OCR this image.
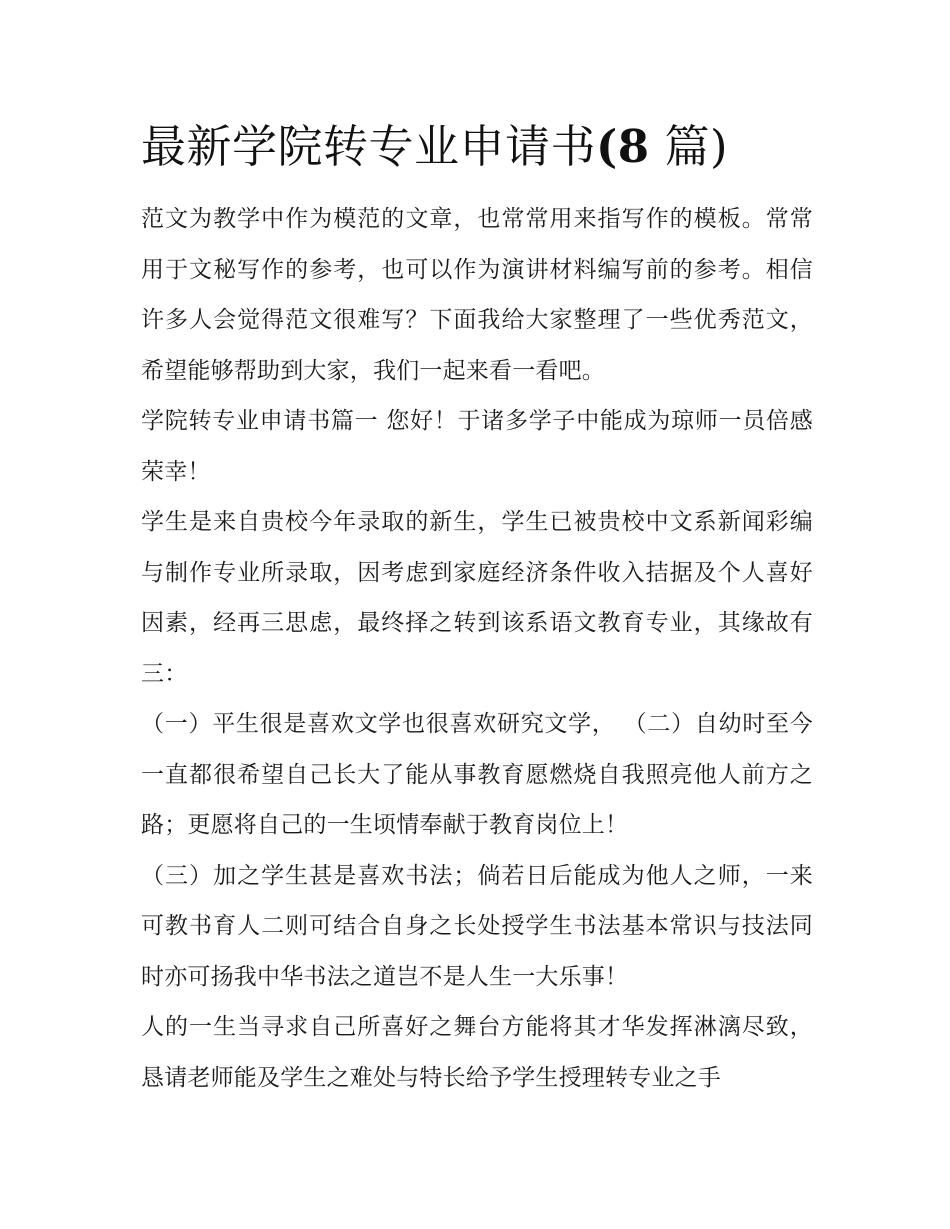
最新学院转专业申请书(8 篇)

范文为教学中作为模范的文章，也常常用来指写作的模板。常常用于文秘写作的参考，也可以作为演讲材料编写前的参考。相信许多人会觉得范文很难写？下面我给大家整理了一些优秀范文，希望能够帮助到大家，我们一起来看一看吧。

学院转专业申请书篇一 您好！于诸多学子中能成为琼师一员倍感荣幸！

学生是来自贵校今年录取的新生，学生已被贵校中文系新闻彩编与制作专业所录取，因考虑到家庭经济条件收入拮据及个人喜好因素，经再三思虑，最终择之转到该系语文教育专业，其缘故有三：

（一）平生很是喜欢文学也很喜欢研究文学， （二）自幼时至今一直都很希望自己长大了能从事教育愿燃烧自我照亮他人前方之路；更愿将自己的一生顷情奉献于教育岗位上！

（三）加之学生甚是喜欢书法；倘若日后能成为他人之师，一来可教书育人二则可结合自身之长处授学生书法基本常识与技法同时亦可扬我中华书法之道岂不是人生一大乐事！

人的一生当寻求自己所喜好之舞台方能将其才华发挥淋漓尽致，恳请老师能及学生之难处与特长给予学生授理转专业之手
